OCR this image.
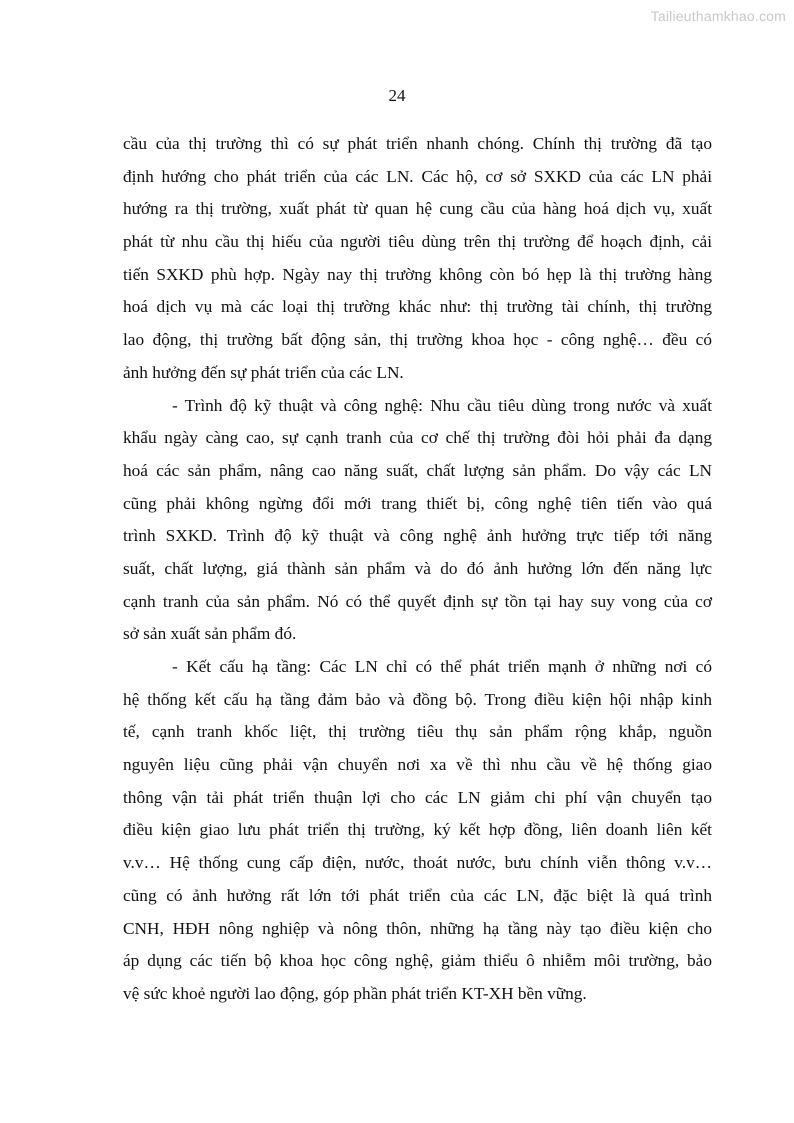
Tailieuthamkhao.com
24
cầu của thị trường thì có sự phát triển nhanh chóng. Chính thị trường đã tạo
định hướng cho phát triển của các LN. Các hộ, cơ sở SXKD của các LN phải
hướng ra thị trường, xuất phát từ quan hệ cung cầu của hàng hoá dịch vụ, xuất
phát từ nhu cầu thị hiếu của người tiêu dùng trên thị trường để hoạch định, cải
tiến SXKD phù hợp. Ngày nay thị trường không còn bó hẹp là thị trường hàng
hoá dịch vụ mà các loại thị trường khác như: thị trường tài chính, thị trường
lao động, thị trường bất động sản, thị trường khoa học - công nghệ… đều có
ảnh hưởng đến sự phát triển của các LN.
- Trình độ kỹ thuật và công nghệ: Nhu cầu tiêu dùng trong nước và xuất
khẩu ngày càng cao, sự cạnh tranh của cơ chế thị trường đòi hỏi phải đa dạng
hoá các sản phẩm, nâng cao năng suất, chất lượng sản phẩm. Do vậy các LN
cũng phải không ngừng đổi mới trang thiết bị, công nghệ tiên tiến vào quá
trình SXKD. Trình độ kỹ thuật và công nghệ ảnh hưởng trực tiếp tới năng
suất, chất lượng, giá thành sản phẩm và do đó ảnh hưởng lớn đến năng lực
cạnh tranh của sản phẩm. Nó có thể quyết định sự tồn tại hay suy vong của cơ
sở sản xuất sản phẩm đó.
- Kết cấu hạ tầng: Các LN chỉ có thể phát triển mạnh ở những nơi có
hệ thống kết cấu hạ tầng đảm bảo và đồng bộ. Trong điều kiện hội nhập kinh
tế, cạnh tranh khốc liệt, thị trường tiêu thụ sản phẩm rộng khắp, nguồn
nguyên liệu cũng phải vận chuyển nơi xa về thì nhu cầu về hệ thống giao
thông vận tải phát triển thuận lợi cho các LN giảm chi phí vận chuyển tạo
điều kiện giao lưu phát triển thị trường, ký kết hợp đồng, liên doanh liên kết
v.v… Hệ thống cung cấp điện, nước, thoát nước, bưu chính viễn thông v.v…
cũng có ảnh hưởng rất lớn tới phát triển của các LN, đặc biệt là quá trình
CNH, HĐH nông nghiệp và nông thôn, những hạ tầng này tạo điều kiện cho
áp dụng các tiến bộ khoa học công nghệ, giảm thiểu ô nhiễm môi trường, bảo
vệ sức khoẻ người lao động, góp phần phát triển KT-XH bền vững.
